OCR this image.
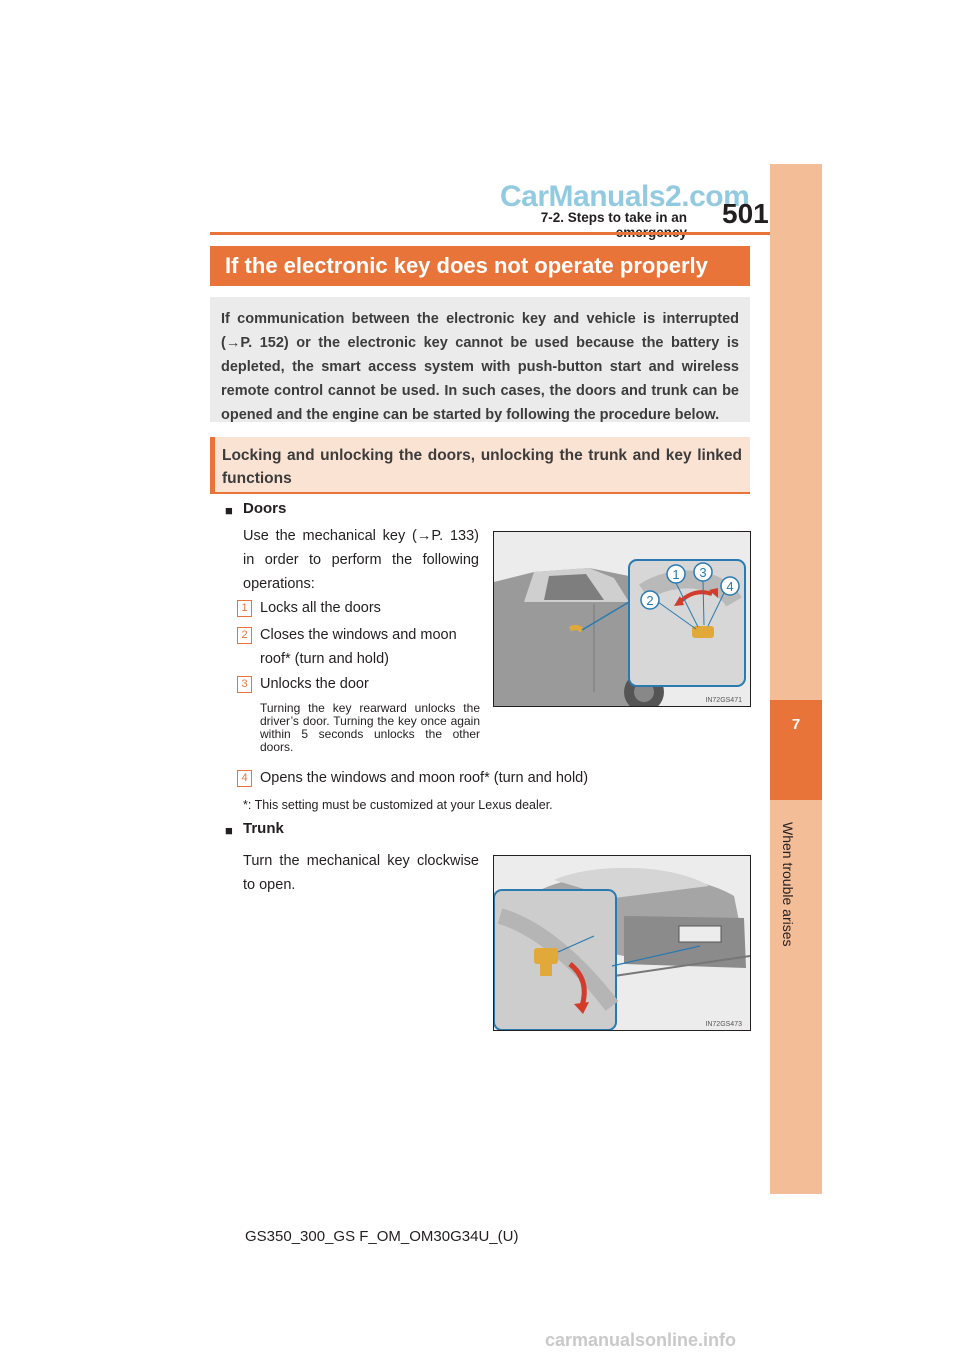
CarManuals2.com
7-2. Steps to take in an 501
7
When trouble arises
If the electronic key does not operate properly
If communication between the electronic key and vehicle is interrupted (→P. 152) or the electronic key cannot be used because the battery is depleted, the smart access system with push-button start and wireless remote control cannot be used. In such cases, the doors and trunk can be opened and the engine can be started by following the procedure below.
Locking and unlocking the doors, unlocking the trunk and key linked functions
■ Doors
Use the mechanical key (→P. 133) in order to perform the following operations:
1 Locks all the doors
2 Closes the windows and moon roof* (turn and hold)
3 Unlocks the door
Turning the key rearward unlocks the driver’s door. Turning the key once again within 5 seconds unlocks the other doors.
4 Opens the windows and moon roof* (turn and hold)
*: This setting must be customized at your Lexus dealer.
1
2
3
4
IN72GS471
■ Trunk
Turn the mechanical key clockwise to open.
IN72GS473
GS350_300_GS F_OM_OM30G34U_(U)
carmanualsonline.info
